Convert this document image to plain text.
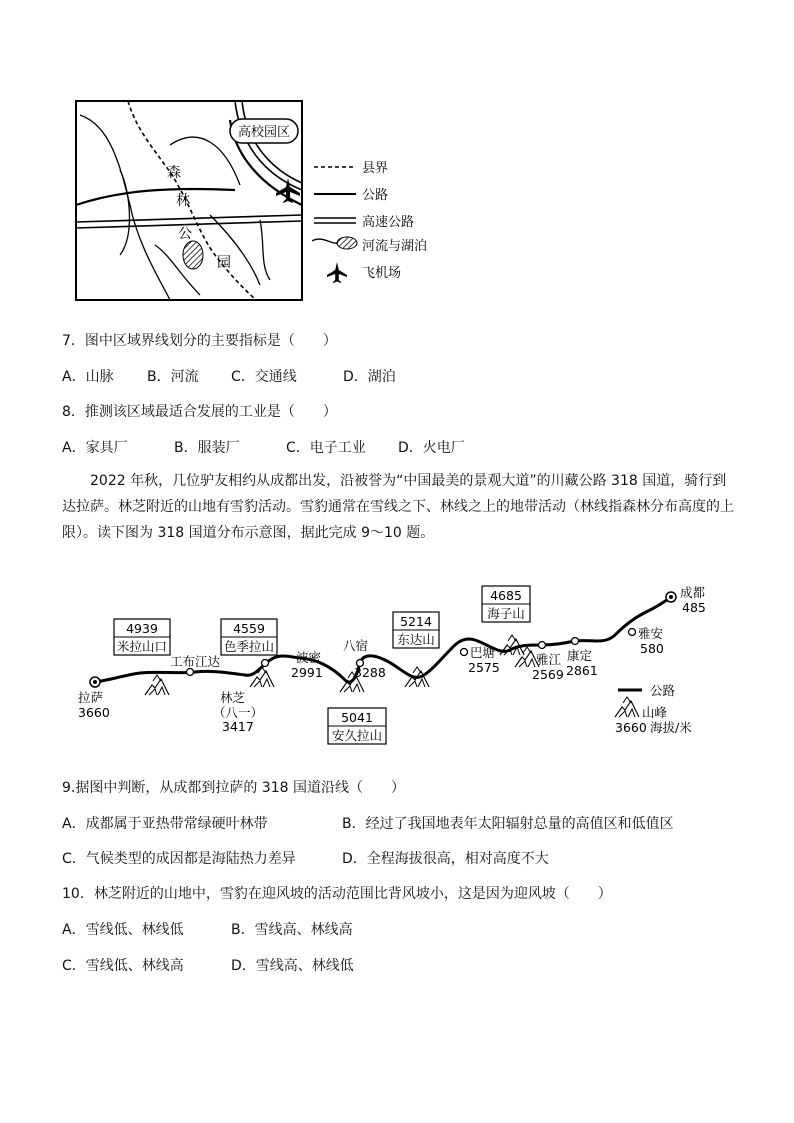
高校园区
森
林
公
园
县界
公路
高速公路
河流与湖泊
飞机场
7．图中区域界线划分的主要指标是（　　）
A．山脉 B．河流 C．交通线	D．湖泊
8．推测该区域最适合发展的工业是（　　）
A．家具厂	B．服装厂	C．电子工业 D．火电厂
2022 年秋，几位驴友相约从成都出发，沿被誉为“中国最美的景观大道”的川藏公路 318 国道，骑行到
达拉萨。林芝附近的山地有雪豹活动。雪豹通常在雪线之下、林线之上的地带活动（林线指森林分布高度的上
限）。读下图为 318 国道分布示意图，据此完成 9～10 题。
拉萨
3660
工布江达
林芝
（八一）
3417
波密
2991
八宿
3288
巴塘
2575
雅江
2569
康定
2861
雅安
580
成都
485
4939
米拉山口
4559
色季拉山
5041
安久拉山
5214
东达山
4685
海子山
公路
山峰
3660 海拔/米
9.据图中判断，从成都到拉萨的 318 国道沿线（　　）
A．成都属于亚热带常绿硬叶林带	B．经过了我国地表年太阳辐射总量的高值区和低值区
C．气候类型的成因都是海陆热力差异	D．全程海拔很高，相对高度不大
10．林芝附近的山地中，雪豹在迎风坡的活动范围比背风坡小，这是因为迎风坡（　　）
A．雪线低、林线低	B．雪线高、林线高
C．雪线低、林线高	D．雪线高、林线低
